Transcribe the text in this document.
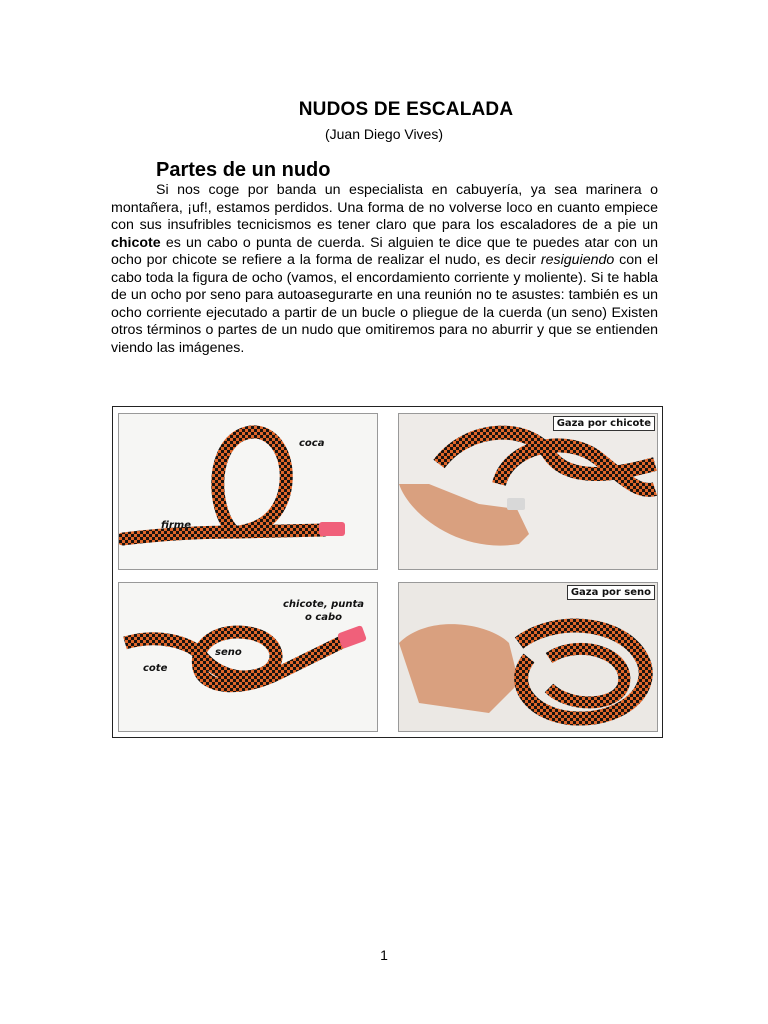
NUDOS DE ESCALADA
(Juan Diego Vives)
Partes de un nudo

Si nos coge por banda un especialista en cabuyería, ya sea marinera o montañera, ¡uf!, estamos perdidos. Una forma de no volverse loco en cuanto empiece con sus insufribles tecnicismos es tener claro que para los escaladores de a pie un chicote es un cabo o punta de cuerda. Si alguien te dice que te puedes atar con un ocho por chicote se refiere a la forma de realizar el nudo, es decir resiguiendo con el cabo toda la figura de ocho (vamos, el encordamiento corriente y moliente). Si te habla de un ocho por seno para autoasegurarte en una reunión no te asustes: también es un ocho corriente ejecutado a partir de un bucle o pliegue de la cuerda (un seno) Existen otros términos o partes de un nudo que omitiremos para no aburrir y que se entienden viendo las imágenes.

coca
firme
Gaza por chicote
chicote, punta
o cabo
seno
cote
Gaza por seno
1
